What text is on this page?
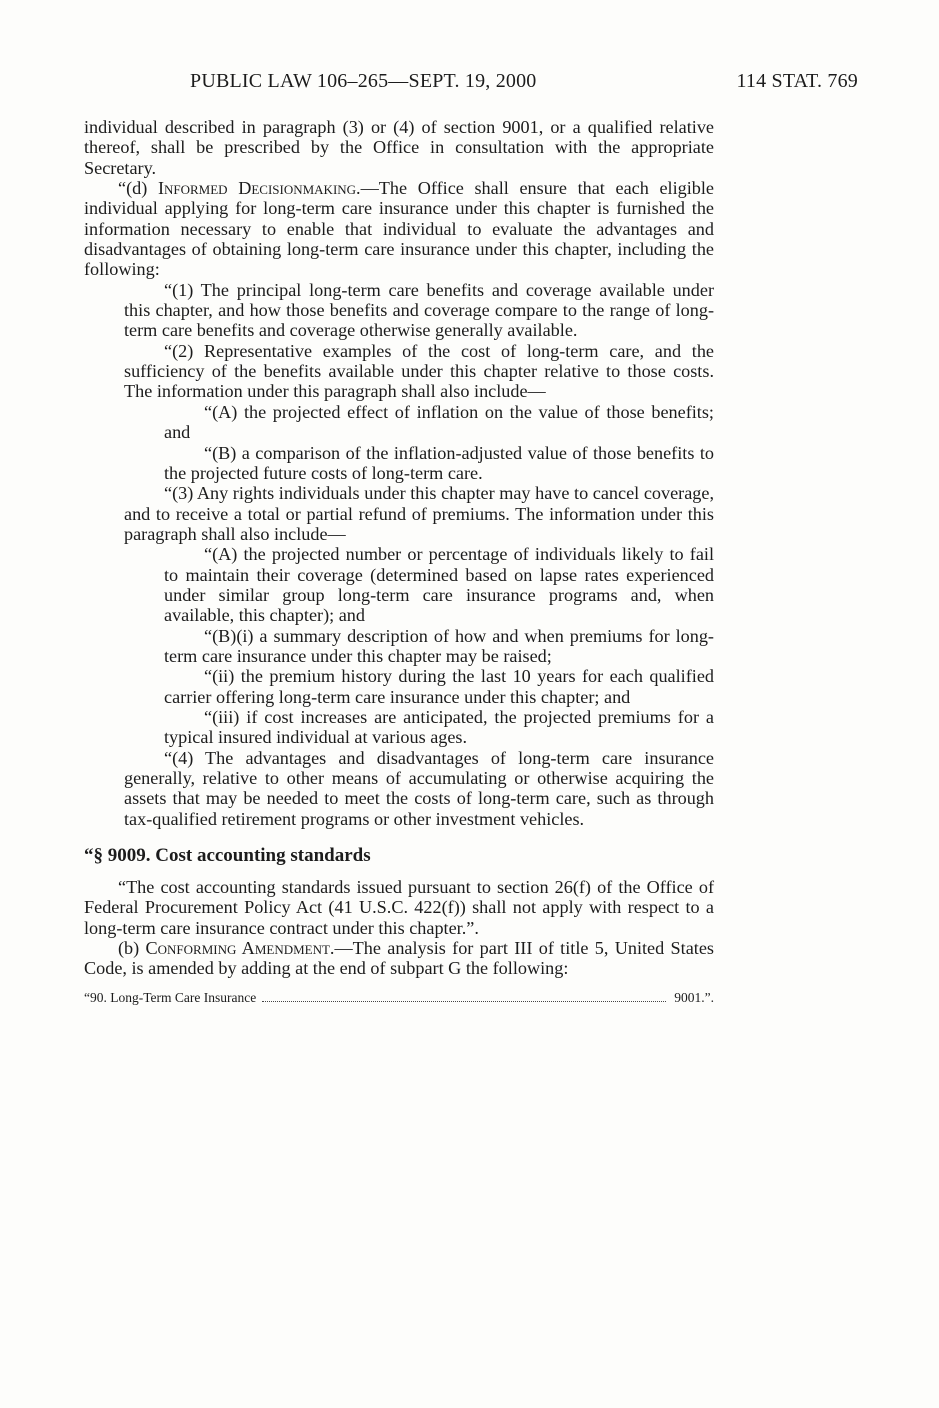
PUBLIC LAW 106–265—SEPT. 19, 2000	114 STAT. 769

individual described in paragraph (3) or (4) of section 9001, or a qualified relative thereof, shall be prescribed by the Office in consultation with the appropriate Secretary.

“(d) Informed Decisionmaking.—The Office shall ensure that each eligible individual applying for long-term care insurance under this chapter is furnished the information necessary to enable that individual to evaluate the advantages and disadvantages of obtaining long-term care insurance under this chapter, including the following:

“(1) The principal long-term care benefits and coverage available under this chapter, and how those benefits and coverage compare to the range of long-term care benefits and coverage otherwise generally available.

“(2) Representative examples of the cost of long-term care, and the sufficiency of the benefits available under this chapter relative to those costs. The information under this paragraph shall also include—

“(A) the projected effect of inflation on the value of those benefits; and

“(B) a comparison of the inflation-adjusted value of those benefits to the projected future costs of long-term care.

“(3) Any rights individuals under this chapter may have to cancel coverage, and to receive a total or partial refund of premiums. The information under this paragraph shall also include—

“(A) the projected number or percentage of individuals likely to fail to maintain their coverage (determined based on lapse rates experienced under similar group long-term care insurance programs and, when available, this chapter); and

“(B)(i) a summary description of how and when premiums for long-term care insurance under this chapter may be raised;

“(ii) the premium history during the last 10 years for each qualified carrier offering long-term care insurance under this chapter; and

“(iii) if cost increases are anticipated, the projected premiums for a typical insured individual at various ages.

“(4) The advantages and disadvantages of long-term care insurance generally, relative to other means of accumulating or otherwise acquiring the assets that may be needed to meet the costs of long-term care, such as through tax-qualified retirement programs or other investment vehicles.

“§ 9009. Cost accounting standards

“The cost accounting standards issued pursuant to section 26(f) of the Office of Federal Procurement Policy Act (41 U.S.C. 422(f)) shall not apply with respect to a long-term care insurance contract under this chapter.”.

(b) Conforming Amendment.—The analysis for part III of title 5, United States Code, is amended by adding at the end of subpart G the following:

“90. Long-Term Care Insurance	9001.”.
